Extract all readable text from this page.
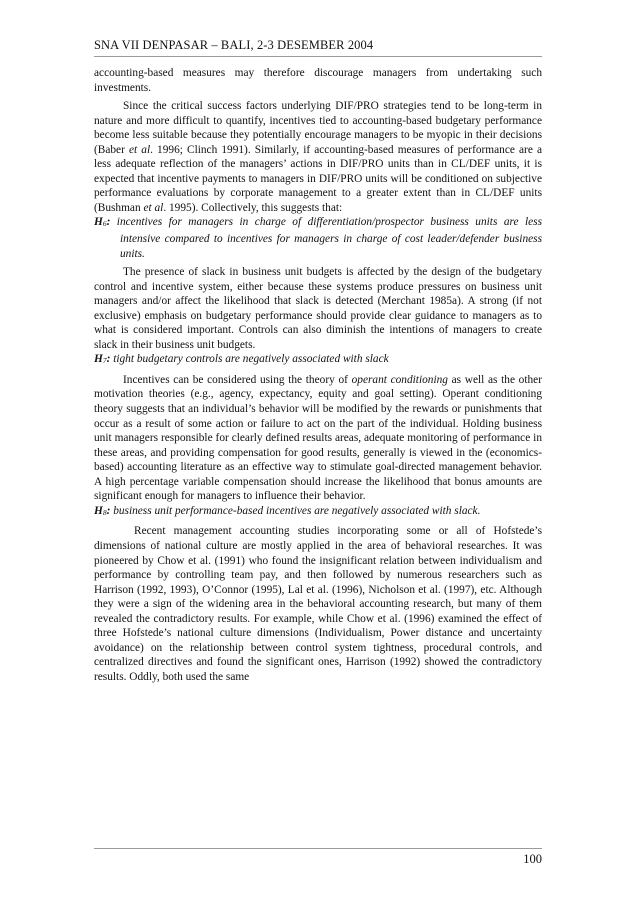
SNA VII DENPASAR – BALI, 2-3 DESEMBER 2004

accounting-based measures may therefore discourage managers from undertaking such investments.

Since the critical success factors underlying DIF/PRO strategies tend to be long-term in nature and more difficult to quantify, incentives tied to accounting-based budgetary performance become less suitable because they potentially encourage managers to be myopic in their decisions (Baber et al. 1996; Clinch 1991). Similarly, if accounting-based measures of performance are a less adequate reflection of the managers’ actions in DIF/PRO units than in CL/DEF units, it is expected that incentive payments to managers in DIF/PRO units will be conditioned on subjective performance evaluations by corporate management to a greater extent than in CL/DEF units (Bushman et al. 1995). Collectively, this suggests that:

$H_6$: incentives for managers in charge of differentiation/prospector business units are less intensive compared to incentives for managers in charge of cost leader/defender business units.

The presence of slack in business unit budgets is affected by the design of the budgetary control and incentive system, either because these systems produce pressures on business unit managers and/or affect the likelihood that slack is detected (Merchant 1985a). A strong (if not exclusive) emphasis on budgetary performance should provide clear guidance to managers as to what is considered important. Controls can also diminish the intentions of managers to create slack in their business unit budgets.

$H_7$: tight budgetary controls are negatively associated with slack

Incentives can be considered using the theory of operant conditioning as well as the other motivation theories (e.g., agency, expectancy, equity and goal setting). Operant conditioning theory suggests that an individual’s behavior will be modified by the rewards or punishments that occur as a result of some action or failure to act on the part of the individual. Holding business unit managers responsible for clearly defined results areas, adequate monitoring of performance in these areas, and providing compensation for good results, generally is viewed in the (economics-based) accounting literature as an effective way to stimulate goal-directed management behavior. A high percentage variable compensation should increase the likelihood that bonus amounts are significant enough for managers to influence their behavior.

$H_8$: business unit performance-based incentives are negatively associated with slack.

Recent management accounting studies incorporating some or all of Hofstede’s dimensions of national culture are mostly applied in the area of behavioral researches. It was pioneered by Chow et al. (1991) who found the insignificant relation between individualism and performance by controlling team pay, and then followed by numerous researchers such as Harrison (1992, 1993), O’Connor (1995), Lal et al. (1996), Nicholson et al. (1997), etc. Although they were a sign of the widening area in the behavioral accounting research, but many of them revealed the contradictory results. For example, while Chow et al. (1996) examined the effect of three Hofstede’s national culture dimensions (Individualism, Power distance and uncertainty avoidance) on the relationship between control system tightness, procedural controls, and centralized directives and found the significant ones, Harrison (1992) showed the contradictory results. Oddly, both used the same

100
